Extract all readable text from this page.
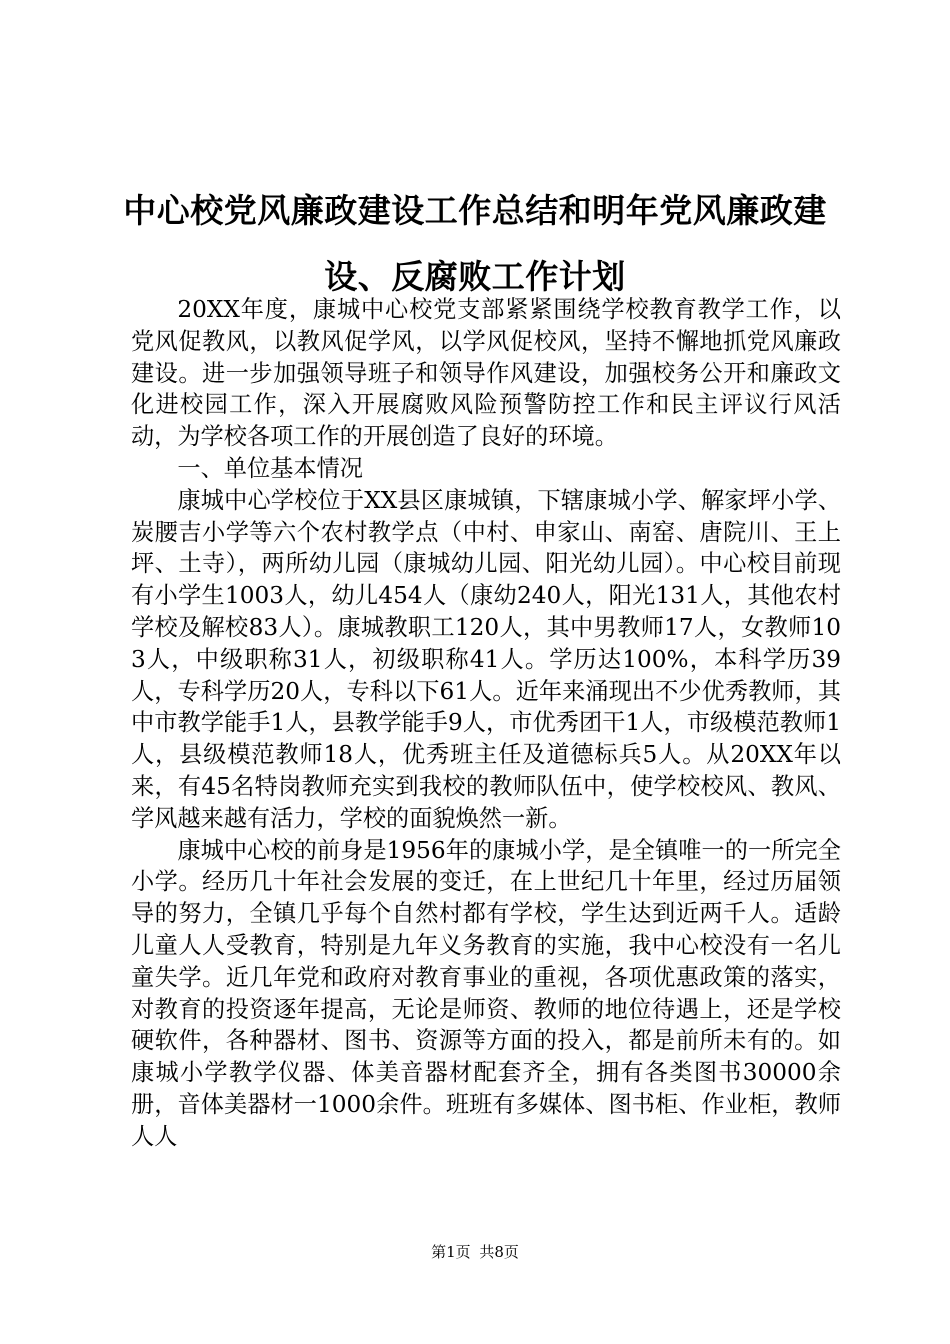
中心校党风廉政建设工作总结和明年党风廉政建设、反腐败工作计划

20XX年度，康城中心校党支部紧紧围绕学校教育教学工作，以党风促教风，以教风促学风，以学风促校风，坚持不懈地抓党风廉政建设。进一步加强领导班子和领导作风建设，加强校务公开和廉政文化进校园工作，深入开展腐败风险预警防控工作和民主评议行风活动，为学校各项工作的开展创造了良好的环境。

一、单位基本情况

康城中心学校位于XX县区康城镇，下辖康城小学、解家坪小学、炭腰吉小学等六个农村教学点（中村、申家山、南窑、唐院川、王上坪、土寺），两所幼儿园（康城幼儿园、阳光幼儿园）。中心校目前现有小学生1003人，幼儿454人（康幼240人，阳光131人，其他农村学校及解校83人）。康城教职工120人，其中男教师17人，女教师103人，中级职称31人，初级职称41人。学历达100%，本科学历39人，专科学历20人，专科以下61人。近年来涌现出不少优秀教师，其中市教学能手1人，县教学能手9人，市优秀团干1人，市级模范教师1人，县级模范教师18人，优秀班主任及道德标兵5人。从20XX年以来，有45名特岗教师充实到我校的教师队伍中，使学校校风、教风、学风越来越有活力，学校的面貌焕然一新。

康城中心校的前身是1956年的康城小学，是全镇唯一的一所完全小学。经历几十年社会发展的变迁，在上世纪几十年里，经过历届领导的努力，全镇几乎每个自然村都有学校，学生达到近两千人。适龄儿童人人受教育，特别是九年义务教育的实施，我中心校没有一名儿童失学。近几年党和政府对教育事业的重视，各项优惠政策的落实，对教育的投资逐年提高，无论是师资、教师的地位待遇上，还是学校硬软件，各种器材、图书、资源等方面的投入，都是前所未有的。如康城小学教学仪器、体美音器材配套齐全，拥有各类图书30000余册，音体美器材一1000余件。班班有多媒体、图书柜、作业柜，教师人人

第1页 共8页
